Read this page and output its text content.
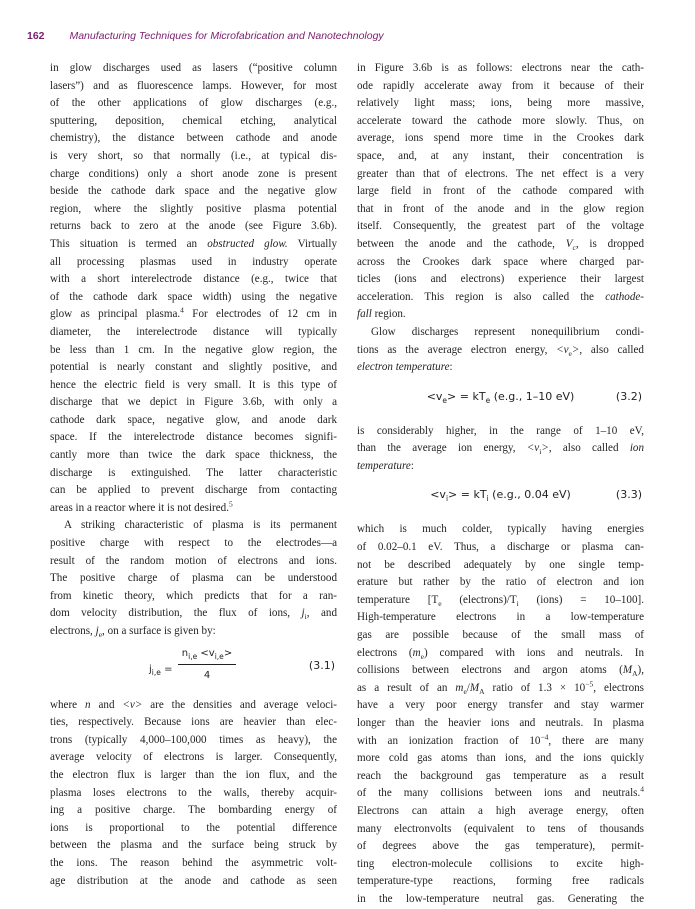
162 Manufacturing Techniques for Microfabrication and Nanotechnology
in glow discharges used as lasers (“positive column
lasers”) and as fluorescence lamps. However, for most
of the other applications of glow discharges (e.g.,
sputtering, deposition, chemical etching, analytical
chemistry), the distance between cathode and anode
is very short, so that normally (i.e., at typical dis-
charge conditions) only a short anode zone is present
beside the cathode dark space and the negative glow
region, where the slightly positive plasma potential
returns back to zero at the anode (see Figure 3.6b).
This situation is termed an obstructed glow. Virtually
all processing plasmas used in industry operate
with a short interelectrode distance (e.g., twice that
of the cathode dark space width) using the negative
glow as principal plasma.$^4$ For electrodes of 12 cm in
diameter, the interelectrode distance will typically
be less than 1 cm. In the negative glow region, the
potential is nearly constant and slightly positive, and
hence the electric field is very small. It is this type of
discharge that we depict in Figure 3.6b, with only a
cathode dark space, negative glow, and anode dark
space. If the interelectrode distance becomes signifi-
cantly more than twice the dark space thickness, the
discharge is extinguished. The latter characteristic
can be applied to prevent discharge from contacting
areas in a reactor where it is not desired.$^5$
A striking characteristic of plasma is its permanent
positive charge with respect to the electrodes—a
result of the random motion of electrons and ions.
The positive charge of plasma can be understood
from kinetic theory, which predicts that for a ran-
dom velocity distribution, the flux of ions, $j_i$, and
electrons, $j_e$, on a surface is given by:
$j_{i,e} = \frac{n_{i,e} <v_{i,e}>}{4}$	(3.1)
where n and <v> are the densities and average veloci-
ties, respectively. Because ions are heavier than elec-
trons (typically 4,000–100,000 times as heavy), the
average velocity of electrons is larger. Consequently,
the electron flux is larger than the ion flux, and the
plasma loses electrons to the walls, thereby acquir-
ing a positive charge. The bombarding energy of
ions is proportional to the potential difference
between the plasma and the surface being struck by
the ions. The reason behind the asymmetric volt-
age distribution at the anode and cathode as seen
in Figure 3.6b is as follows: electrons near the cath-
ode rapidly accelerate away from it because of their
relatively light mass; ions, being more massive,
accelerate toward the cathode more slowly. Thus, on
average, ions spend more time in the Crookes dark
space, and, at any instant, their concentration is
greater than that of electrons. The net effect is a very
large field in front of the cathode compared with
that in front of the anode and in the glow region
itself. Consequently, the greatest part of the voltage
between the anode and the cathode, $V_c$, is dropped
across the Crookes dark space where charged par-
ticles (ions and electrons) experience their largest
acceleration. This region is also called the cathode-
fall region.
Glow discharges represent nonequilibrium condi-
tions as the average electron energy, $<v_e>$, also called
electron temperature:
$<v_e> = kT_e$ (e.g., 1–10 eV)	(3.2)
is considerably higher, in the range of 1–10 eV,
than the average ion energy, $<v_i>$, also called ion
temperature:
$<v_i> = kT_i$ (e.g., 0.04 eV)	(3.3)
which is much colder, typically having energies
of 0.02–0.1 eV. Thus, a discharge or plasma can-
not be described adequately by one single temp-
erature but rather by the ratio of electron and ion
temperature [$T_e$ $(electrons)/T_i$ (ions) = 10–100].
High-temperature electrons in a low-temperature
gas are possible because of the small mass of
electrons $(m_e)$ compared with ions and neutrals. In
collisions between electrons and argon atoms $(M_A)$,
as a result of an $m_e/M_A$ ratio of $1.3 \times 10^{-5}$, electrons
have a very poor energy transfer and stay warmer
longer than the heavier ions and neutrals. In plasma
with an ionization fraction of $10^{-4}$, there are many
more cold gas atoms than ions, and the ions quickly
reach the background gas temperature as a result
of the many collisions between ions and neutrals.$^4$
Electrons can attain a high average energy, often
many electronvolts (equivalent to tens of thousands
of degrees above the gas temperature), permit-
ting electron-molecule collisions to excite high-
temperature-type reactions, forming free radicals
in the low-temperature neutral gas. Generating the
